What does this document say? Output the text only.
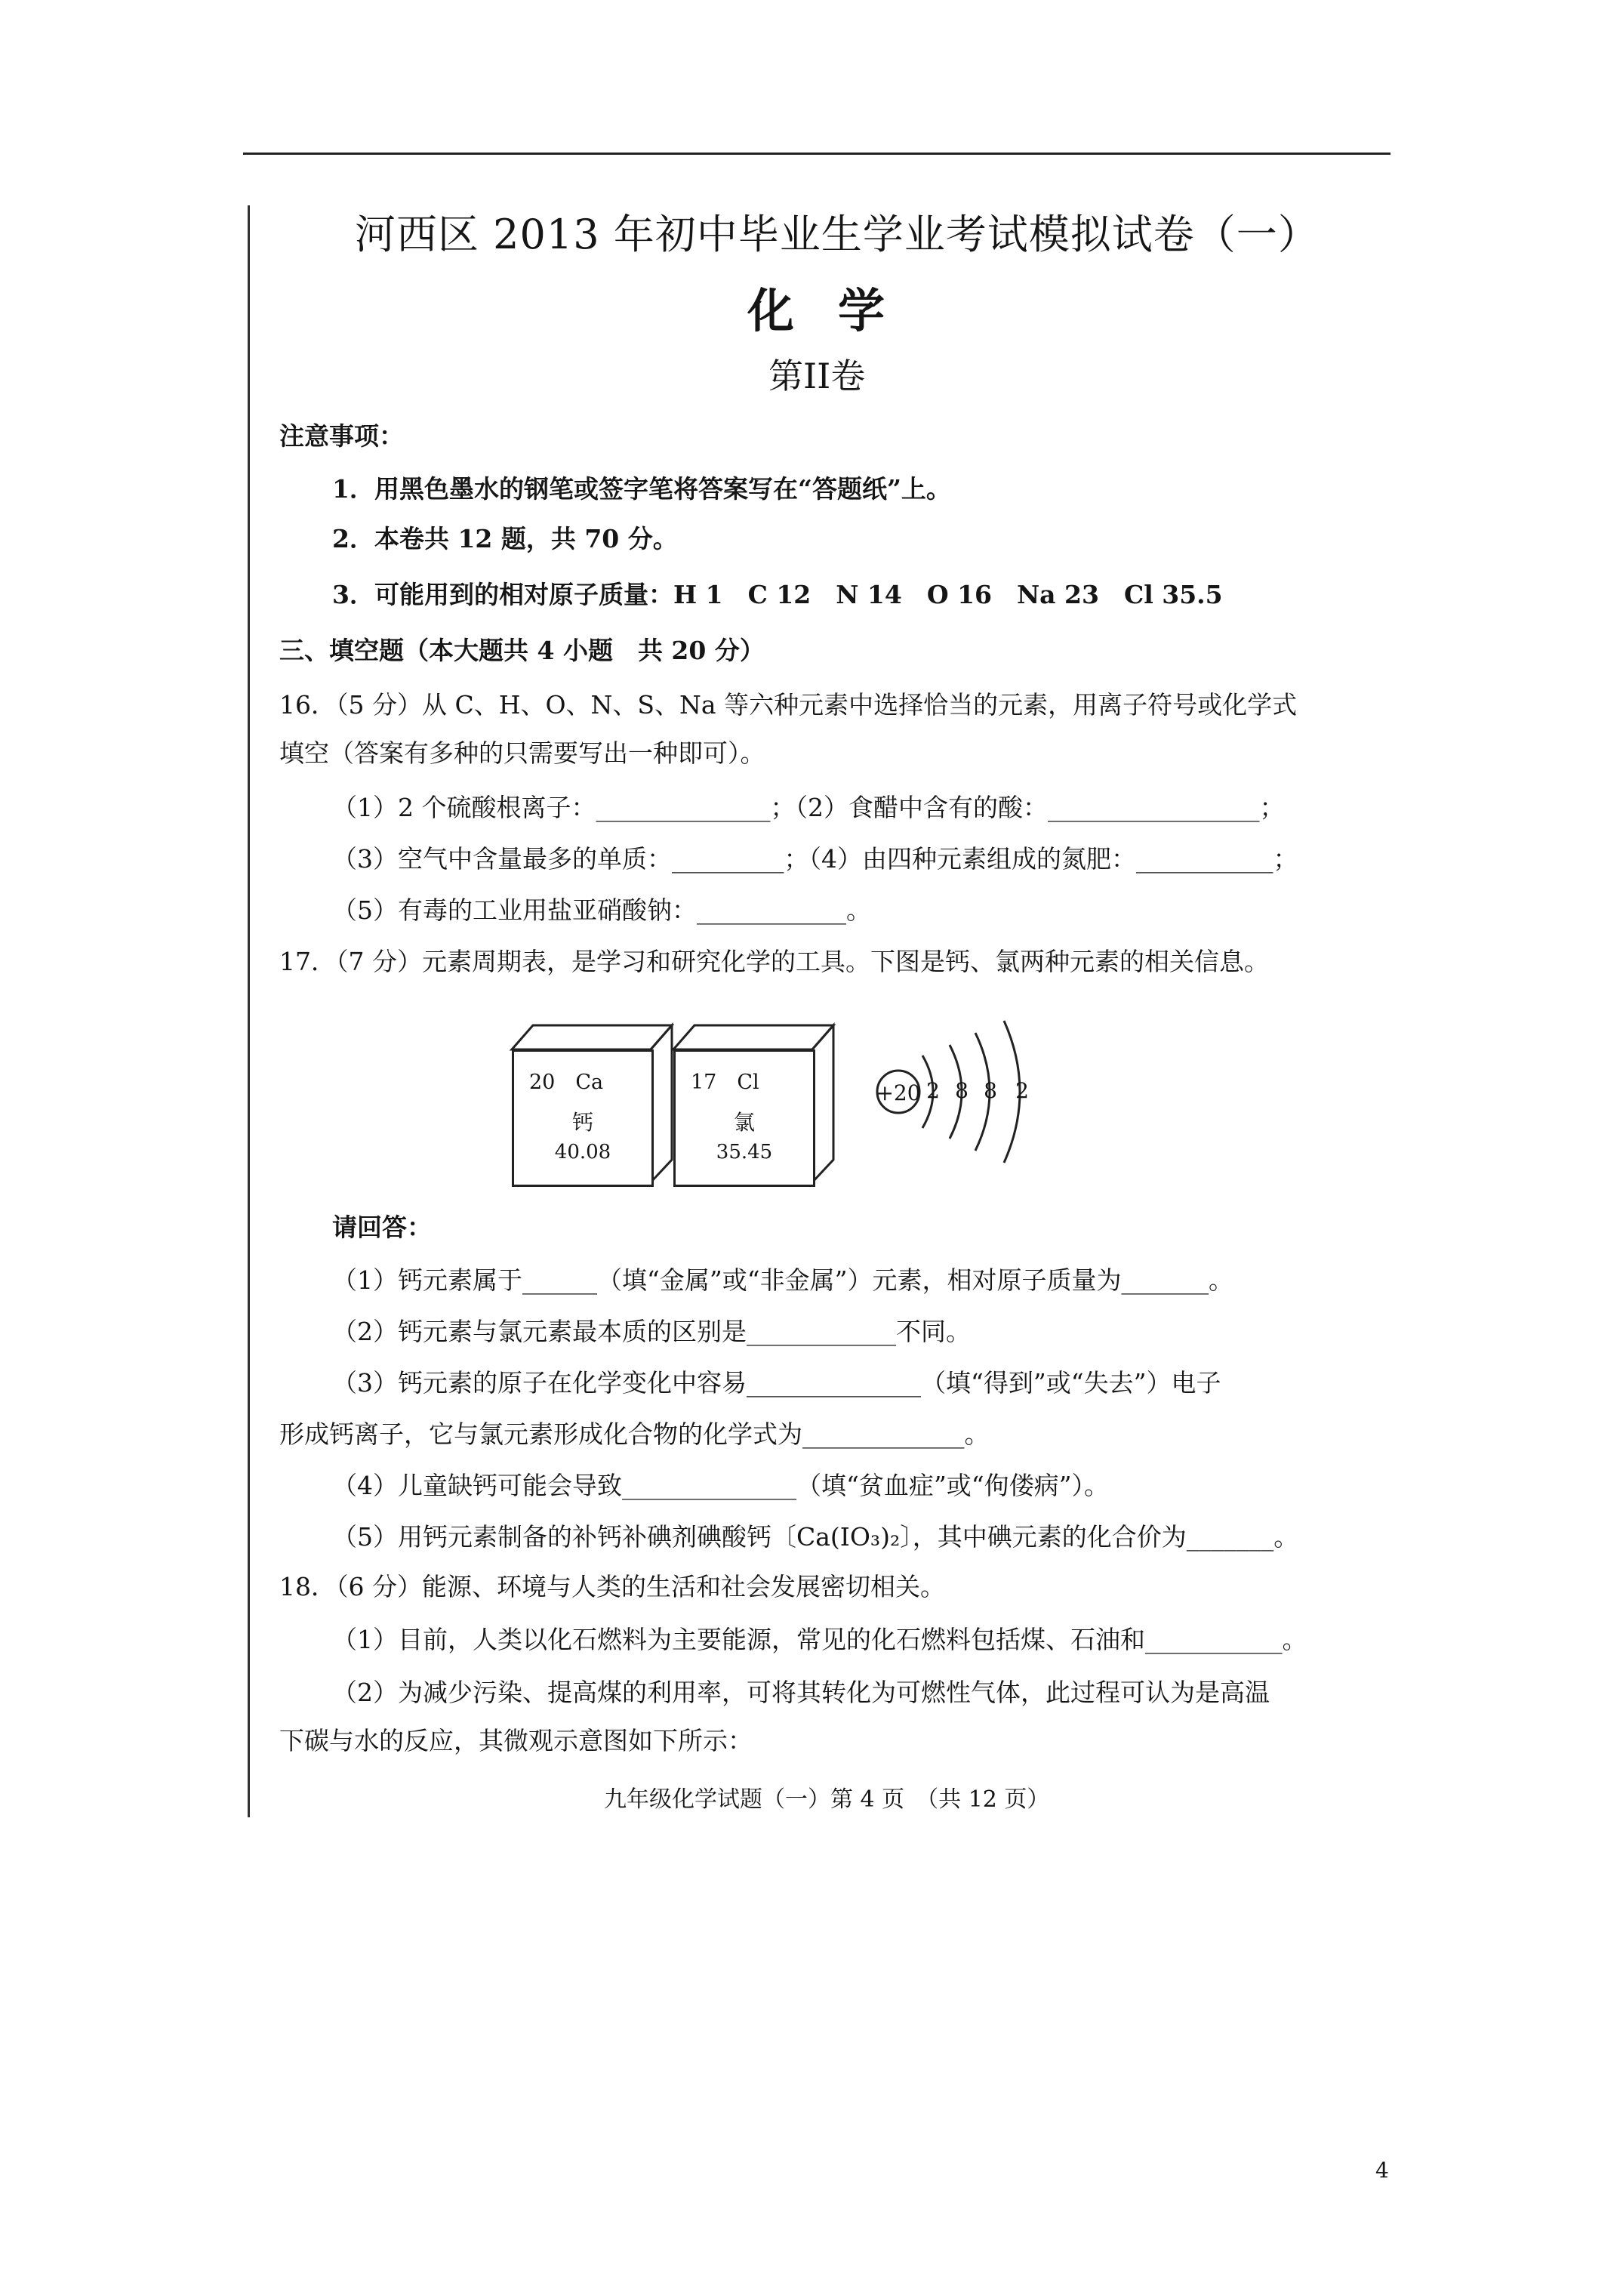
河西区 2013 年初中毕业生学业考试模拟试卷（一）
化学
第II卷
注意事项：
1．用黑色墨水的钢笔或签字笔将答案写在“答题纸”上。
2．本卷共 12 题，共 70 分。
3．可能用到的相对原子质量：H 1　C 12　N 14　O 16　Na 23　Cl 35.5
三、填空题（本大题共 4 小题　共 20 分）
16．（5 分）从 C、H、O、N、S、Na 等六种元素中选择恰当的元素，用离子符号或化学式
填空（答案有多种的只需要写出一种即可）。
（1）2 个硫酸根离子：______________；（2）食醋中含有的酸：_________________；
（3）空气中含量最多的单质：_________；（4）由四种元素组成的氮肥：___________；
（5）有毒的工业用盐亚硝酸钠：____________。
17．（7 分）元素周期表，是学习和研究化学的工具。下图是钙、氯两种元素的相关信息。
20　Ca
钙
40.08
17　Cl
氯
35.45
+20 2 8 8 2
请回答：
（1）钙元素属于______（填“金属”或“非金属”）元素，相对原子质量为_______。
（2）钙元素与氯元素最本质的区别是____________不同。
（3）钙元素的原子在化学变化中容易______________（填“得到”或“失去”）电子
形成钙离子，它与氯元素形成化合物的化学式为_____________。
（4）儿童缺钙可能会导致______________（填“贫血症”或“佝偻病”）。
（5）用钙元素制备的补钙补碘剂碘酸钙〔Ca(IO₃)₂〕，其中碘元素的化合价为_______。
18．（6 分）能源、环境与人类的生活和社会发展密切相关。
（1）目前，人类以化石燃料为主要能源，常见的化石燃料包括煤、石油和___________。
（2）为减少污染、提高煤的利用率，可将其转化为可燃性气体，此过程可认为是高温
下碳与水的反应，其微观示意图如下所示：
九年级化学试题（一）第 4 页　（共 12 页）
4
